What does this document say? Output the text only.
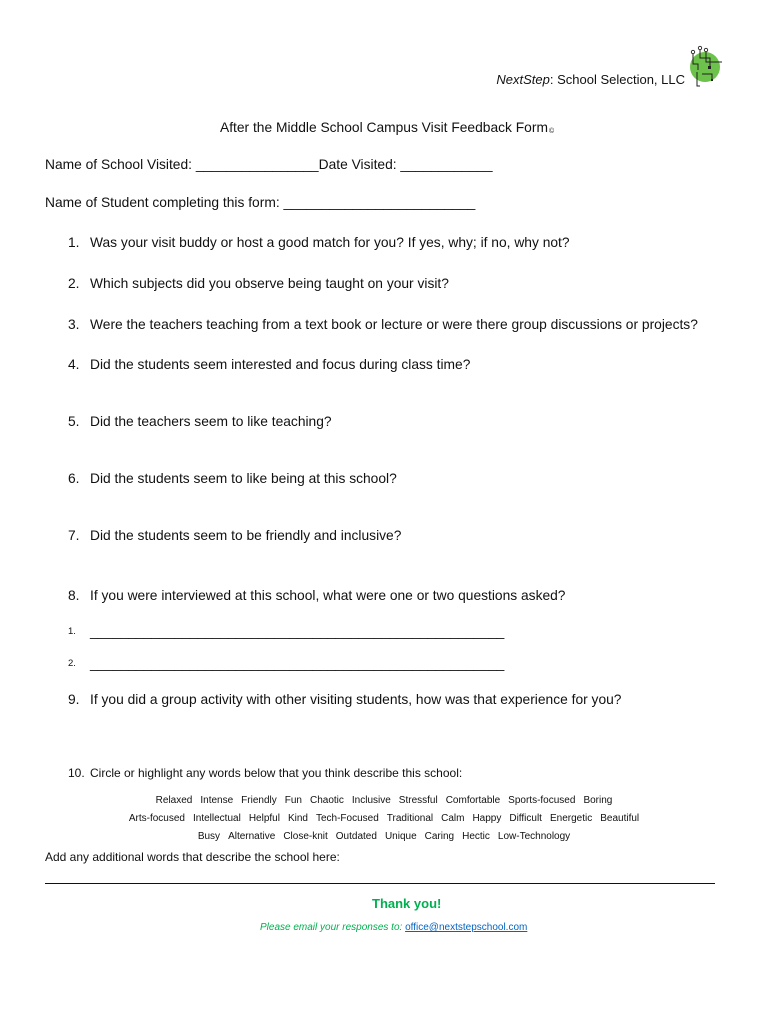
NextStep: School Selection, LLC
After the Middle School Campus Visit Feedback Form©
Name of School Visited: ________________Date Visited: ____________
Name of Student completing this form: _________________________
1. Was your visit buddy or host a good match for you? If yes, why; if no, why not?
2. Which subjects did you observe being taught on your visit?
3. Were the teachers teaching from a text book or lecture or were there group discussions or projects?
4. Did the students seem interested and focus during class time?
5. Did the teachers seem to like teaching?
6. Did the students seem to like being at this school?
7. Did the students seem to be friendly and inclusive?
8. If you were interviewed at this school, what were one or two questions asked?
1. ______________________________________________________
2. ______________________________________________________
9. If you did a group activity with other visiting students, how was that experience for you?
10. Circle or highlight any words below that you think describe this school:
Relaxed Intense Friendly Fun Chaotic Inclusive Stressful Comfortable Sports-focused Boring
Arts-focused Intellectual Helpful Kind Tech-Focused Traditional Calm Happy Difficult Energetic Beautiful
Busy Alternative Close-knit Outdated Unique Caring Hectic Low-Technology
Add any additional words that describe the school here:
Thank you!
Please email your responses to: office@nextstepschool.com
